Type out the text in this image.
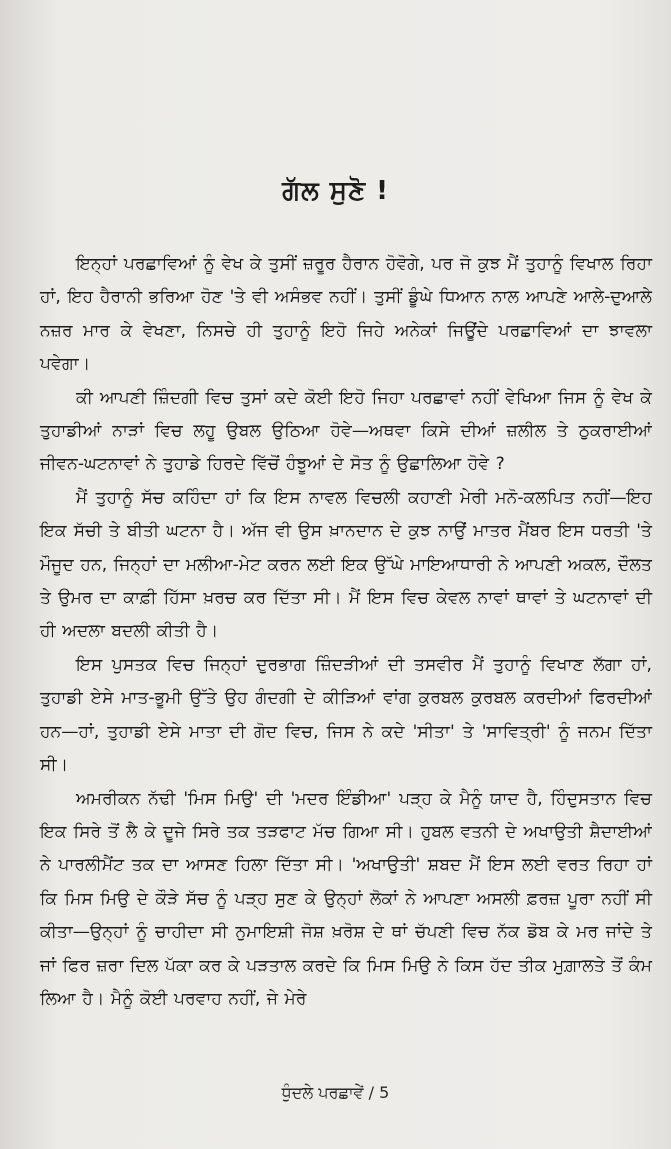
ਗੱਲ ਸੁਣੋ !

ਇਨ੍ਹਾਂ ਪਰਛਾਵਿਆਂ ਨੂੰ ਵੇਖ ਕੇ ਤੁਸੀਂ ਜ਼ਰੂਰ ਹੈਰਾਨ ਹੋਵੋਗੇ, ਪਰ ਜੋ ਕੁਝ ਮੈਂ ਤੁਹਾਨੂੰ ਵਿਖਾਲ ਰਿਹਾ ਹਾਂ, ਇਹ ਹੈਰਾਨੀ ਭਰਿਆ ਹੋਣ 'ਤੇ ਵੀ ਅਸੰਭਵ ਨਹੀਂ। ਤੁਸੀਂ ਡੂੰਘੇ ਧਿਆਨ ਨਾਲ ਆਪਣੇ ਆਲੇ-ਦੁਆਲੇ ਨਜ਼ਰ ਮਾਰ ਕੇ ਵੇਖਣਾ, ਨਿਸਚੇ ਹੀ ਤੁਹਾਨੂੰ ਇਹੋ ਜਿਹੇ ਅਨੇਕਾਂ ਜਿਊਂਦੇ ਪਰਛਾਵਿਆਂ ਦਾ ਝਾਵਲਾ ਪਵੇਗਾ।

ਕੀ ਆਪਣੀ ਜ਼ਿੰਦਗੀ ਵਿਚ ਤੁਸਾਂ ਕਦੇ ਕੋਈ ਇਹੋ ਜਿਹਾ ਪਰਛਾਵਾਂ ਨਹੀਂ ਵੇਖਿਆ ਜਿਸ ਨੂੰ ਵੇਖ ਕੇ ਤੁਹਾਡੀਆਂ ਨਾੜਾਂ ਵਿਚ ਲਹੂ ਉਬਲ ਉਠਿਆ ਹੋਵੇ—ਅਥਵਾ ਕਿਸੇ ਦੀਆਂ ਜ਼ਲੀਲ ਤੇ ਠੁਕਰਾਈਆਂ ਜੀਵਨ-ਘਟਨਾਵਾਂ ਨੇ ਤੁਹਾਡੇ ਹਿਰਦੇ ਵਿੱਚੋਂ ਹੰਝੂਆਂ ਦੇ ਸੋਤ ਨੂੰ ਉਛਾਲਿਆ ਹੋਵੇ ?

ਮੈਂ ਤੁਹਾਨੂੰ ਸੱਚ ਕਹਿੰਦਾ ਹਾਂ ਕਿ ਇਸ ਨਾਵਲ ਵਿਚਲੀ ਕਹਾਣੀ ਮੇਰੀ ਮਨੋ-ਕਲਪਿਤ ਨਹੀਂ—ਇਹ ਇਕ ਸੱਚੀ ਤੇ ਬੀਤੀ ਘਟਨਾ ਹੈ। ਅੱਜ ਵੀ ਉਸ ਖ਼ਾਨਦਾਨ ਦੇ ਕੁਝ ਨਾਉਂ ਮਾਤਰ ਮੈਂਬਰ ਇਸ ਧਰਤੀ 'ਤੇ ਮੌਜੂਦ ਹਨ, ਜਿਨ੍ਹਾਂ ਦਾ ਮਲੀਆ-ਮੇਟ ਕਰਨ ਲਈ ਇਕ ਉੱਘੇ ਮਾਇਆਧਾਰੀ ਨੇ ਆਪਣੀ ਅਕਲ, ਦੌਲਤ ਤੇ ਉਮਰ ਦਾ ਕਾਫ਼ੀ ਹਿੱਸਾ ਖ਼ਰਚ ਕਰ ਦਿੱਤਾ ਸੀ। ਮੈਂ ਇਸ ਵਿਚ ਕੇਵਲ ਨਾਵਾਂ ਥਾਵਾਂ ਤੇ ਘਟਨਾਵਾਂ ਦੀ ਹੀ ਅਦਲਾ ਬਦਲੀ ਕੀਤੀ ਹੈ।

ਇਸ ਪੁਸਤਕ ਵਿਚ ਜਿਨ੍ਹਾਂ ਦੁਰਭਾਗ ਜ਼ਿੰਦੜੀਆਂ ਦੀ ਤਸਵੀਰ ਮੈਂ ਤੁਹਾਨੂੰ ਵਿਖਾਣ ਲੱਗਾ ਹਾਂ, ਤੁਹਾਡੀ ਏਸੇ ਮਾਤ-ਭੂਮੀ ਉੱਤੇ ਉਹ ਗੰਦਗੀ ਦੇ ਕੀੜਿਆਂ ਵਾਂਗ ਕੁਰਬਲ ਕੁਰਬਲ ਕਰਦੀਆਂ ਫਿਰਦੀਆਂ ਹਨ—ਹਾਂ, ਤੁਹਾਡੀ ਏਸੇ ਮਾਤਾ ਦੀ ਗੋਦ ਵਿਚ, ਜਿਸ ਨੇ ਕਦੇ 'ਸੀਤਾ' ਤੇ 'ਸਾਵਿਤ੍ਰੀ' ਨੂੰ ਜਨਮ ਦਿੱਤਾ ਸੀ।

ਅਮਰੀਕਨ ਨੱਢੀ 'ਮਿਸ ਮਿਉ' ਦੀ 'ਮਦਰ ਇੰਡੀਆ' ਪੜ੍ਹ ਕੇ ਮੈਨੂੰ ਯਾਦ ਹੈ, ਹਿੰਦੁਸਤਾਨ ਵਿਚ ਇਕ ਸਿਰੇ ਤੋਂ ਲੈ ਕੇ ਦੂਜੇ ਸਿਰੇ ਤਕ ਤੜਫਾਟ ਮੱਚ ਗਿਆ ਸੀ। ਹੁਬਲ ਵਤਨੀ ਦੇ ਅਖਾਉਤੀ ਸ਼ੈਦਾਈਆਂ ਨੇ ਪਾਰਲੀਮੈਂਟ ਤਕ ਦਾ ਆਸਣ ਹਿਲਾ ਦਿੱਤਾ ਸੀ। 'ਅਖਾਉਤੀ' ਸ਼ਬਦ ਮੈਂ ਇਸ ਲਈ ਵਰਤ ਰਿਹਾ ਹਾਂ ਕਿ ਮਿਸ ਮਿਉ ਦੇ ਕੌੜੇ ਸੱਚ ਨੂੰ ਪੜ੍ਹ ਸੁਣ ਕੇ ਉਨ੍ਹਾਂ ਲੋਕਾਂ ਨੇ ਆਪਣਾ ਅਸਲੀ ਫ਼ਰਜ਼ ਪੂਰਾ ਨਹੀਂ ਸੀ ਕੀਤਾ—ਉਨ੍ਹਾਂ ਨੂੰ ਚਾਹੀਦਾ ਸੀ ਨੁਮਾਇਸ਼ੀ ਜੋਸ਼ ਖ਼ਰੋਸ਼ ਦੇ ਥਾਂ ਚੱਪਣੀ ਵਿਚ ਨੱਕ ਡੋਬ ਕੇ ਮਰ ਜਾਂਦੇ ਤੇ ਜਾਂ ਫਿਰ ਜ਼ਰਾ ਦਿਲ ਪੱਕਾ ਕਰ ਕੇ ਪੜਤਾਲ ਕਰਦੇ ਕਿ ਮਿਸ ਮਿਉ ਨੇ ਕਿਸ ਹੱਦ ਤੀਕ ਮੁਗ਼ਾਲਤੇ ਤੋਂ ਕੰਮ ਲਿਆ ਹੈ। ਮੈਨੂੰ ਕੋਈ ਪਰਵਾਹ ਨਹੀਂ, ਜੇ ਮੇਰੇ

ਧੁੰਦਲੇ ਪਰਛਾਵੇਂ / 5
